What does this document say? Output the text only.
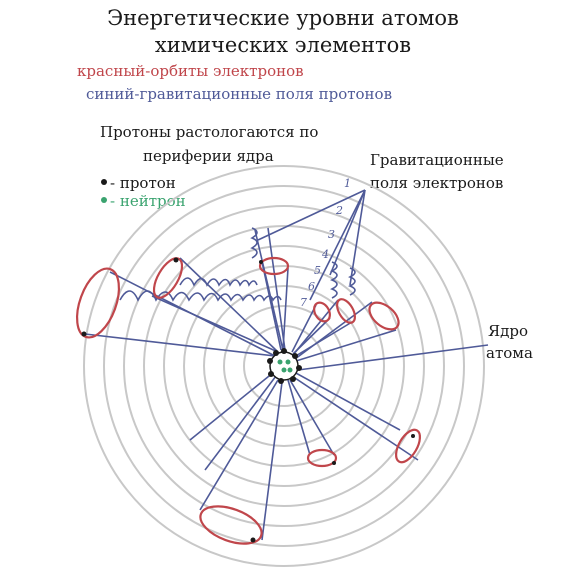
Энергетические уровни атомов
химических элементов
красный-орбиты электронов
синий-гравитационные поля протонов
Протоны растологаются по
периферии ядра
- протон
- нейтрон
Гравитационные
поля электронов
Ядро
атома
1
2
3
4
5
6
7
